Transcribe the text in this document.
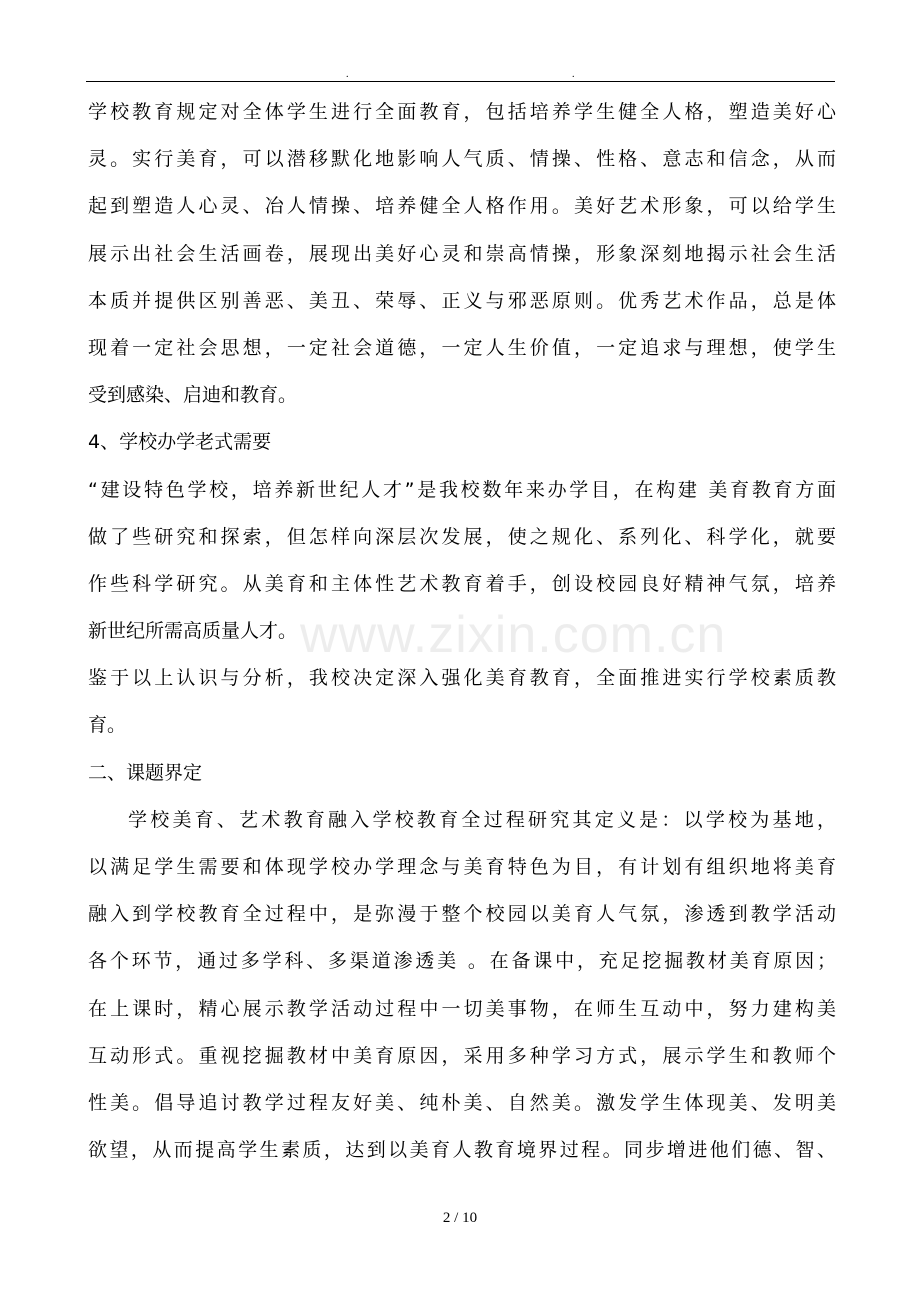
.	.
学校教育规定对全体学生进行全面教育，包括培养学生健全人格，塑造美好心
灵。实行美育，可以潜移默化地影响人气质、情操、性格、意志和信念，从而
起到塑造人心灵、冶人情操、培养健全人格作用。美好艺术形象，可以给学生
展示出社会生活画卷，展现出美好心灵和崇高情操，形象深刻地揭示社会生活
本质并提供区别善恶、美丑、荣辱、正义与邪恶原则。优秀艺术作品，总是体
现着一定社会思想，一定社会道德，一定人生价值，一定追求与理想，使学生
受到感染、启迪和教育。
4、学校办学老式需要
“建设特色学校，培养新世纪人才”是我校数年来办学目，在构建 美育教育方面
做了些研究和探索，但怎样向深层次发展，使之规化、系列化、科学化，就要
作些科学研究。从美育和主体性艺术教育着手，创设校园良好精神气氛，培养
新世纪所需高质量人才。
鉴于以上认识与分析，我校决定深入强化美育教育，全面推进实行学校素质教
育。
二、课题界定
学校美育、艺术教育融入学校教育全过程研究其定义是：以学校为基地，
以满足学生需要和体现学校办学理念与美育特色为目，有计划有组织地将美育
融入到学校教育全过程中，是弥漫于整个校园以美育人气氛，渗透到教学活动
各个环节，通过多学科、多渠道渗透美 。在备课中，充足挖掘教材美育原因；
在上课时，精心展示教学活动过程中一切美事物，在师生互动中，努力建构美
互动形式。重视挖掘教材中美育原因，采用多种学习方式，展示学生和教师个
性美。倡导追讨教学过程友好美、纯朴美、自然美。激发学生体现美、发明美
欲望，从而提高学生素质，达到以美育人教育境界过程。同步增进他们德、智、
www.zixin.com.cn
2 / 10
